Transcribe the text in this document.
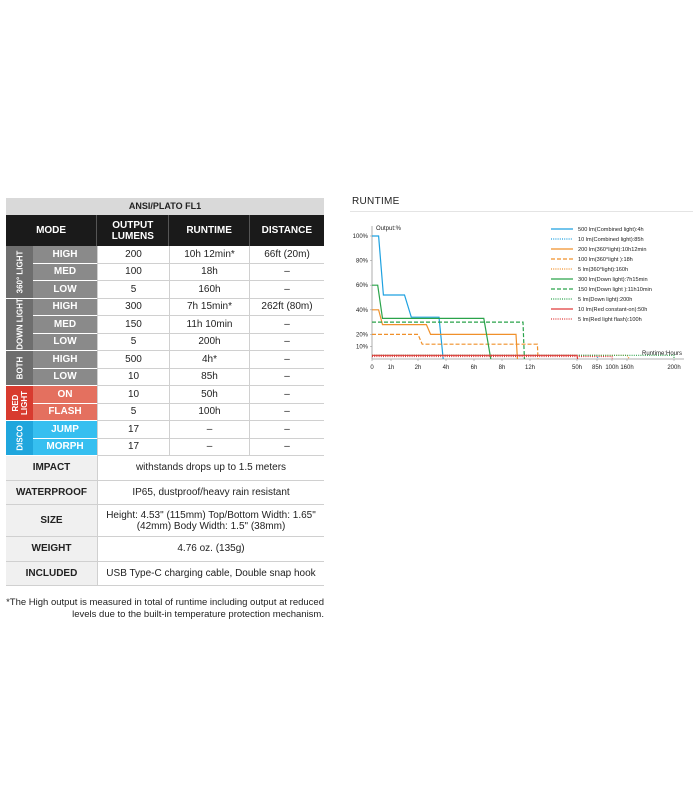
ANSI/PLATO FL1
MODE	OUTPUT LUMENS	RUNTIME	DISTANCE
360° LIGHT	HIGH	200	10h 12min*	66ft (20m)
MED	100	18h	–
LOW	5	160h	–
DOWN LIGHT	HIGH	300	7h 15min*	262ft (80m)
MED	150	11h 10min	–
LOW	5	200h	–
BOTH	HIGH	500	4h*	–
LOW	10	85h	–
RED LIGHT	ON	10	50h	–
FLASH	5	100h	–
DISCO	JUMP	17	–	–
MORPH	17	–	–
IMPACT	withstands drops up to 1.5 meters
WATERPROOF	IP65, dustproof/heavy rain resistant
SIZE	Height: 4.53" (115mm) Top/Bottom Width: 1.65" (42mm) Body Width: 1.5" (38mm)
WEIGHT	4.76 oz. (135g)
INCLUDED	USB Type-C charging cable, Double snap hook
*The High output is measured in total of runtime including output at reduced levels due to the built-in temperature protection mechanism.
RUNTIME
Output:%
Runtime:Hours
10%
20%
40%
60%
80%
100%
0 1h	2h	4h	6h	8h	12h	50h 85h 100h 160h	200h
500 lm(Combined light):4h
10 lm(Combined light):85h
200 lm(360°light):10h12min
100 lm(360°light ):18h
5 lm(360°light):160h
300 lm(Down light):7h15min
150 lm(Down light ):11h10min
5 lm(Down light):200h
10 lm(Red constant-on):50h
5 lm(Red light flash):100h
